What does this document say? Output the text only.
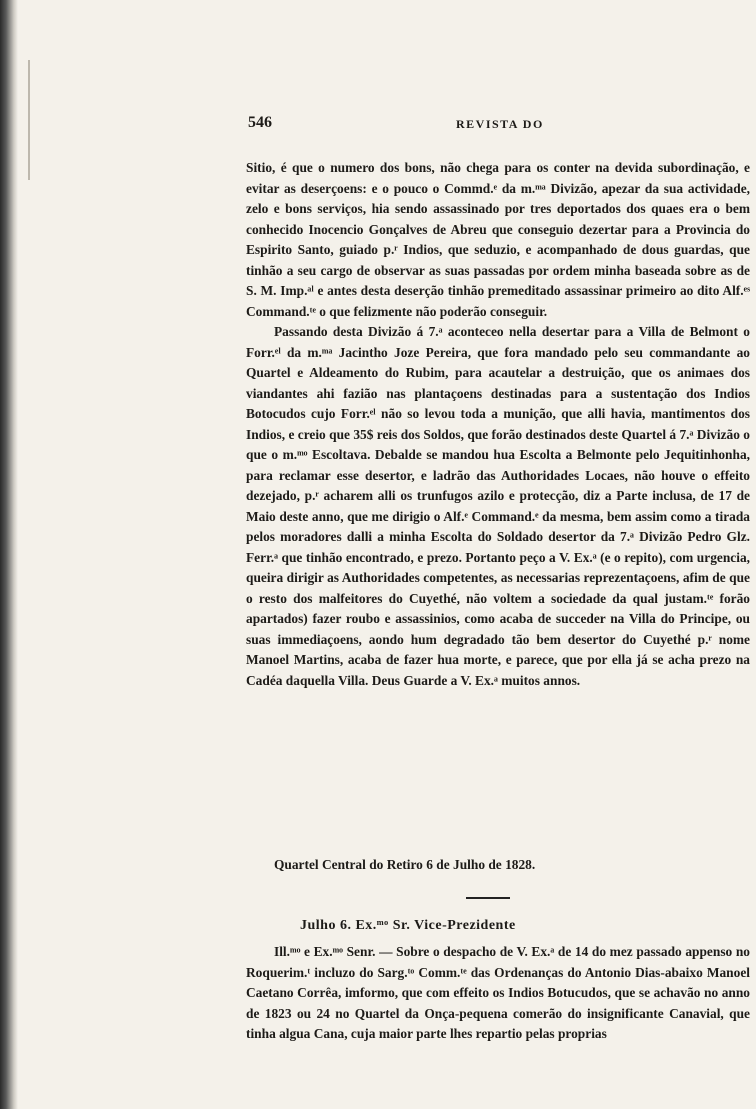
546	REVISTA DO

Sitio, é que o numero dos bons, não chega para os conter na devida subordinação, e evitar as deserçoens: e o pouco o Commd.ᵉ da m.ᵐᵃ Divizão, apezar da sua actividade, zelo e bons serviços, hia sendo assassinado por tres deportados dos quaes era o bem conhecido Inocencio Gonçalves de Abreu que conseguio dezertar para a Provincia do Espirito Santo, guiado p.ʳ Indios, que seduzio, e acompanhado de dous guardas, que tinhão a seu cargo de observar as suas passadas por ordem minha baseada sobre as de S. M. Imp.ᵃˡ e antes desta deserção tinhão premeditado assassinar primeiro ao dito Alf.ᵉˢ Command.ᵗᵉ o que felizmente não poderão conseguir.

Passando desta Divizão á 7.ᵃ aconteceo nella desertar para a Villa de Belmont o Forr.ᵉˡ da m.ᵐᵃ Jacintho Joze Pereira, que fora mandado pelo seu commandante ao Quartel e Aldeamento do Rubim, para acautelar a destruição, que os animaes dos viandantes ahi fazião nas plantaçoens destinadas para a sustentação dos Indios Botocudos cujo Forr.ᵉˡ não so levou toda a munição, que alli havia, mantimentos dos Indios, e creio que 35$ reis dos Soldos, que forão destinados deste Quartel á 7.ᵃ Divizão o que o m.ᵐᵒ Escoltava. Debalde se mandou hua Escolta a Belmonte pelo Jequitinhonha, para reclamar esse desertor, e ladrão das Authoridades Locaes, não houve o effeito dezejado, p.ʳ acharem alli os trunfugos azilo e protecção, diz a Parte inclusa, de 17 de Maio deste anno, que me dirigio o Alf.ᵉ Command.ᵉ da mesma, bem assim como a tirada pelos moradores dalli a minha Escolta do Soldado desertor da 7.ᵃ Divizão Pedro Glz. Ferr.ᵃ que tinhão encontrado, e prezo. Portanto peço a V. Ex.ᵃ (e o repito), com urgencia, queira dirigir as Authoridades competentes, as necessarias reprezentaçoens, afim de que o resto dos malfeitores do Cuyethé, não voltem a sociedade da qual justam.ᵗᵉ forão apartados) fazer roubo e assassinios, como acaba de succeder na Villa do Principe, ou suas immediaçoens, aondo hum degradado tão bem desertor do Cuyethé p.ʳ nome Manoel Martins, acaba de fazer hua morte, e parece, que por ella já se acha prezo na Cadéa daquella Villa. Deus Guarde a V. Ex.ᵃ muitos annos.

Quartel Central do Retiro 6 de Julho de 1828.
Julho 6. Ex.ᵐᵒ Sr. Vice-Prezidente

Ill.ᵐᵒ e Ex.ᵐᵒ Senr. — Sobre o despacho de V. Ex.ᵃ de 14 do mez passado appenso no Roquerim.ᵗ incluzo do Sarg.ᵗᵒ Comm.ᵗᵉ das Ordenanças do Antonio Dias-abaixo Manoel Caetano Corrêa, imformo, que com effeito os Indios Botucudos, que se achavão no anno de 1823 ou 24 no Quartel da Onça-pequena comerão do insignificante Canavial, que tinha algua Cana, cuja maior parte lhes repartio pelas proprias
